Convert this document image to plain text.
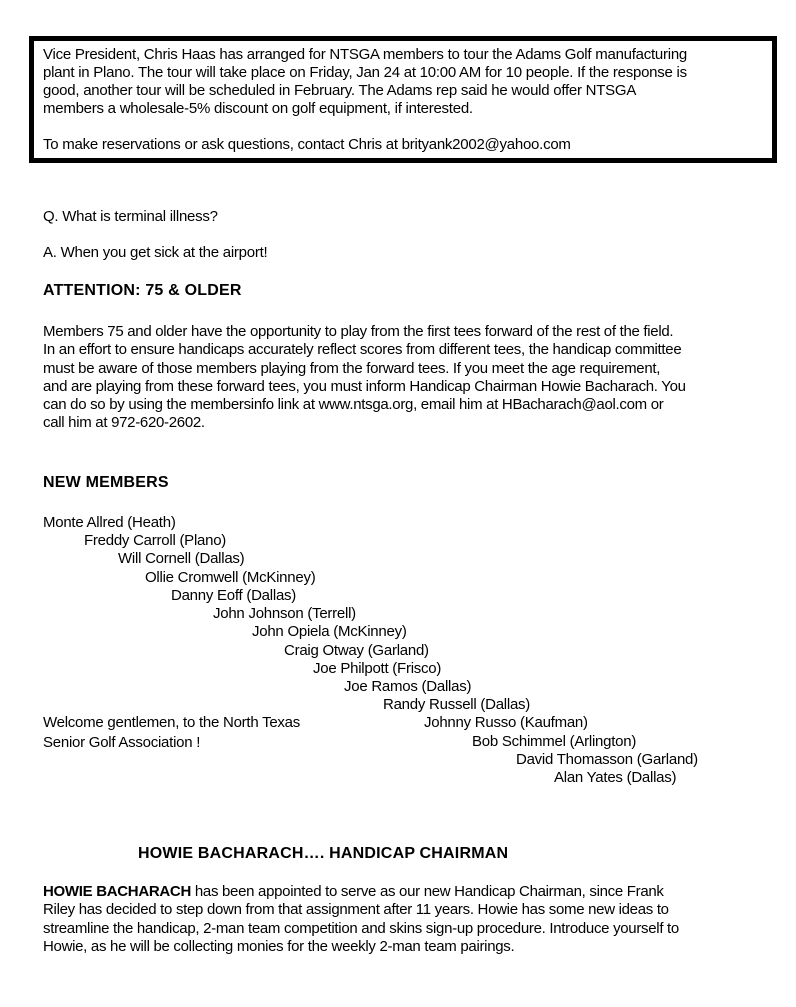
Vice President, Chris Haas has arranged for NTSGA members to tour the Adams Golf manufacturing

plant in Plano. The tour will take place on Friday, Jan 24 at 10:00 AM for 10 people. If the response is

good, another tour will be scheduled in February. The Adams rep said he would offer NTSGA

members a wholesale-5% discount on golf equipment, if interested.

To make reservations or ask questions, contact Chris at brityank2002@yahoo.com

Q. What is terminal illness?
A. When you get sick at the airport!
ATTENTION: 75 & OLDER

Members 75 and older have the opportunity to play from the first tees forward of the rest of the field.

In an effort to ensure handicaps accurately reflect scores from different tees, the handicap committee

must be aware of those members playing from the forward tees. If you meet the age requirement,

and are playing from these forward tees, you must inform Handicap Chairman Howie Bacharach. You

can do so by using the membersinfo link at www.ntsga.org, email him at HBacharach@aol.com or

call him at 972-620-2602.

NEW MEMBERS
Monte Allred (Heath)
Freddy Carroll (Plano)
Will Cornell (Dallas)
Ollie Cromwell (McKinney)
Danny Eoff (Dallas)
John Johnson (Terrell)
John Opiela (McKinney)
Craig Otway (Garland)
Joe Philpott (Frisco)
Joe Ramos (Dallas)
Randy Russell (Dallas)
Johnny Russo (Kaufman)
Bob Schimmel (Arlington)
David Thomasson (Garland)
Alan Yates (Dallas)
Welcome gentlemen, to the North Texas
Senior Golf Association !
HOWIE BACHARACH…. HANDICAP CHAIRMAN

HOWIE BACHARACH has been appointed to serve as our new Handicap Chairman, since Frank

Riley has decided to step down from that assignment after 11 years. Howie has some new ideas to

streamline the handicap, 2-man team competition and skins sign-up procedure. Introduce yourself to

Howie, as he will be collecting monies for the weekly 2-man team pairings.
